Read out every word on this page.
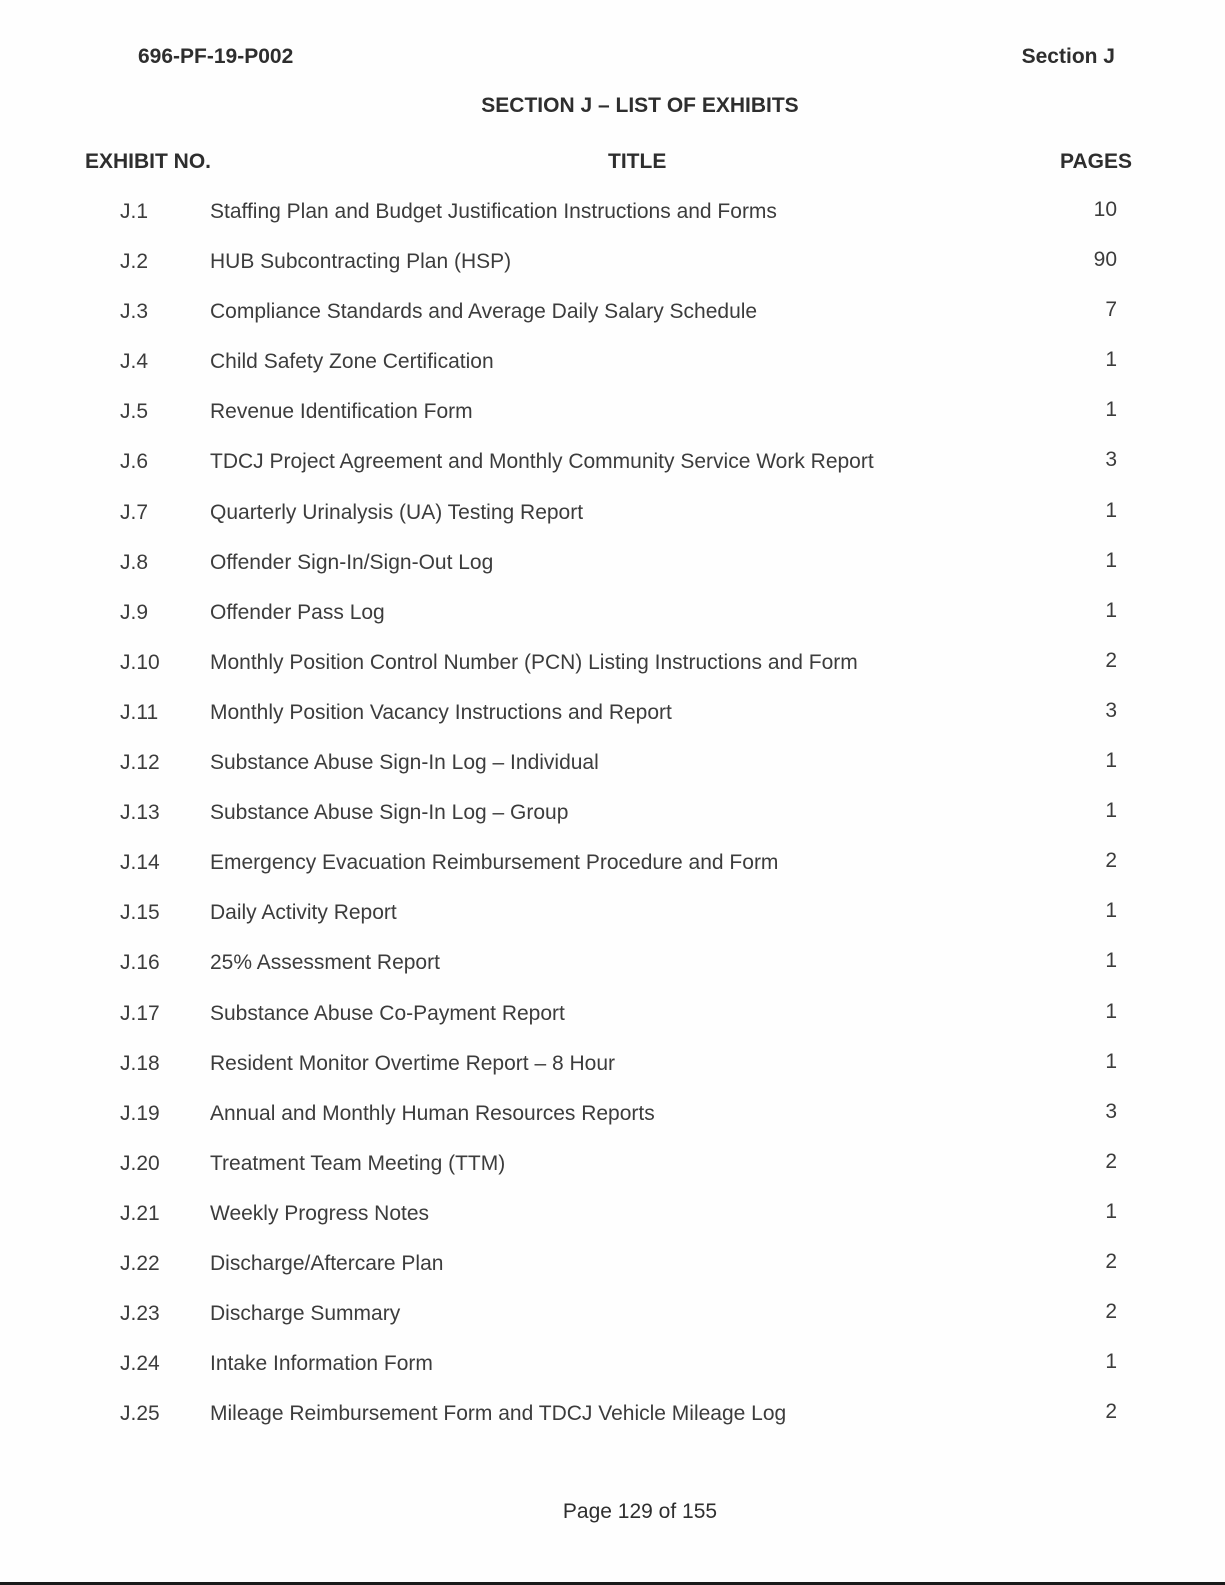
696-PF-19-P002	Section J
SECTION J – LIST OF EXHIBITS
EXHIBIT NO.	TITLE	PAGES
J.1	Staffing Plan and Budget Justification Instructions and Forms	10
J.2	HUB Subcontracting Plan (HSP)	90
J.3	Compliance Standards and Average Daily Salary Schedule	7
J.4	Child Safety Zone Certification	1
J.5	Revenue Identification Form	1
J.6	TDCJ Project Agreement and Monthly Community Service Work Report	3
J.7	Quarterly Urinalysis (UA) Testing Report	1
J.8	Offender Sign-In/Sign-Out Log	1
J.9	Offender Pass Log	1
J.10 Monthly Position Control Number (PCN) Listing Instructions and Form	2
J.11 Monthly Position Vacancy Instructions and Report	3
J.12 Substance Abuse Sign-In Log – Individual	1
J.13 Substance Abuse Sign-In Log – Group	1
J.14 Emergency Evacuation Reimbursement Procedure and Form	2
J.15 Daily Activity Report	1
J.16 25% Assessment Report	1
J.17 Substance Abuse Co-Payment Report	1
J.18 Resident Monitor Overtime Report – 8 Hour	1
J.19 Annual and Monthly Human Resources Reports	3
J.20 Treatment Team Meeting (TTM)	2
J.21 Weekly Progress Notes	1
J.22 Discharge/Aftercare Plan	2
J.23 Discharge Summary	2
J.24 Intake Information Form	1
J.25 Mileage Reimbursement Form and TDCJ Vehicle Mileage Log	2
Page 129 of 155
